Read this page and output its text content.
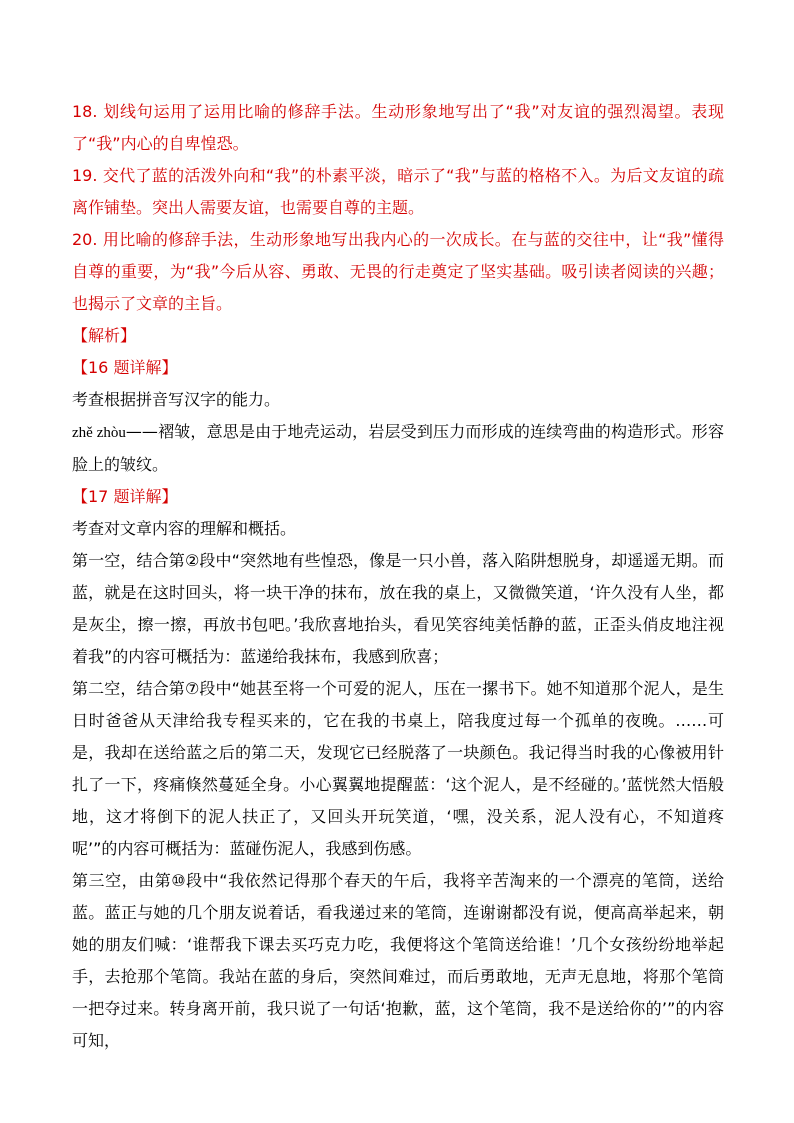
18. 划线句运用了运用比喻的修辞手法。生动形象地写出了“我”对友谊的强烈渴望。表现了“我”内心的自卑惶恐。

19. 交代了蓝的活泼外向和“我”的朴素平淡，暗示了“我”与蓝的格格不入。为后文友谊的疏离作铺垫。突出人需要友谊，也需要自尊的主题。

20. 用比喻的修辞手法，生动形象地写出我内心的一次成长。在与蓝的交往中，让“我”懂得自尊的重要，为“我”今后从容、勇敢、无畏的行走奠定了坚实基础。吸引读者阅读的兴趣；也揭示了文章的主旨。

【解析】

【16 题详解】

考查根据拼音写汉字的能力。

zhě zhòu——褶皱，意思是由于地壳运动，岩层受到压力而形成的连续弯曲的构造形式。形容脸上的皱纹。

【17 题详解】

考查对文章内容的理解和概括。

第一空，结合第②段中“突然地有些惶恐，像是一只小兽，落入陷阱想脱身，却遥遥无期。而蓝，就是在这时回头，将一块干净的抹布，放在我的桌上，又微微笑道，‘许久没有人坐，都是灰尘，擦一擦，再放书包吧。’我欣喜地抬头，看见笑容纯美恬静的蓝，正歪头俏皮地注视着我”的内容可概括为：蓝递给我抹布，我感到欣喜；

第二空，结合第⑦段中“她甚至将一个可爱的泥人，压在一摞书下。她不知道那个泥人，是生日时爸爸从天津给我专程买来的，它在我的书桌上，陪我度过每一个孤单的夜晚。……可是，我却在送给蓝之后的第二天，发现它已经脱落了一块颜色。我记得当时我的心像被用针扎了一下，疼痛倏然蔓延全身。小心翼翼地提醒蓝：‘这个泥人，是不经碰的。’蓝恍然大悟般地，这才将倒下的泥人扶正了，又回头开玩笑道，‘嘿，没关系，泥人没有心，不知道疼呢’”的内容可概括为：蓝碰伤泥人，我感到伤感。

第三空，由第⑩段中“我依然记得那个春天的午后，我将辛苦淘来的一个漂亮的笔筒，送给蓝。蓝正与她的几个朋友说着话，看我递过来的笔筒，连谢谢都没有说，便高高举起来，朝她的朋友们喊：‘谁帮我下课去买巧克力吃，我便将这个笔筒送给谁！’几个女孩纷纷地举起手，去抢那个笔筒。我站在蓝的身后，突然间难过，而后勇敢地，无声无息地，将那个笔筒一把夺过来。转身离开前，我只说了一句话‘抱歉，蓝，这个笔筒，我不是送给你的’”的内容可知，
